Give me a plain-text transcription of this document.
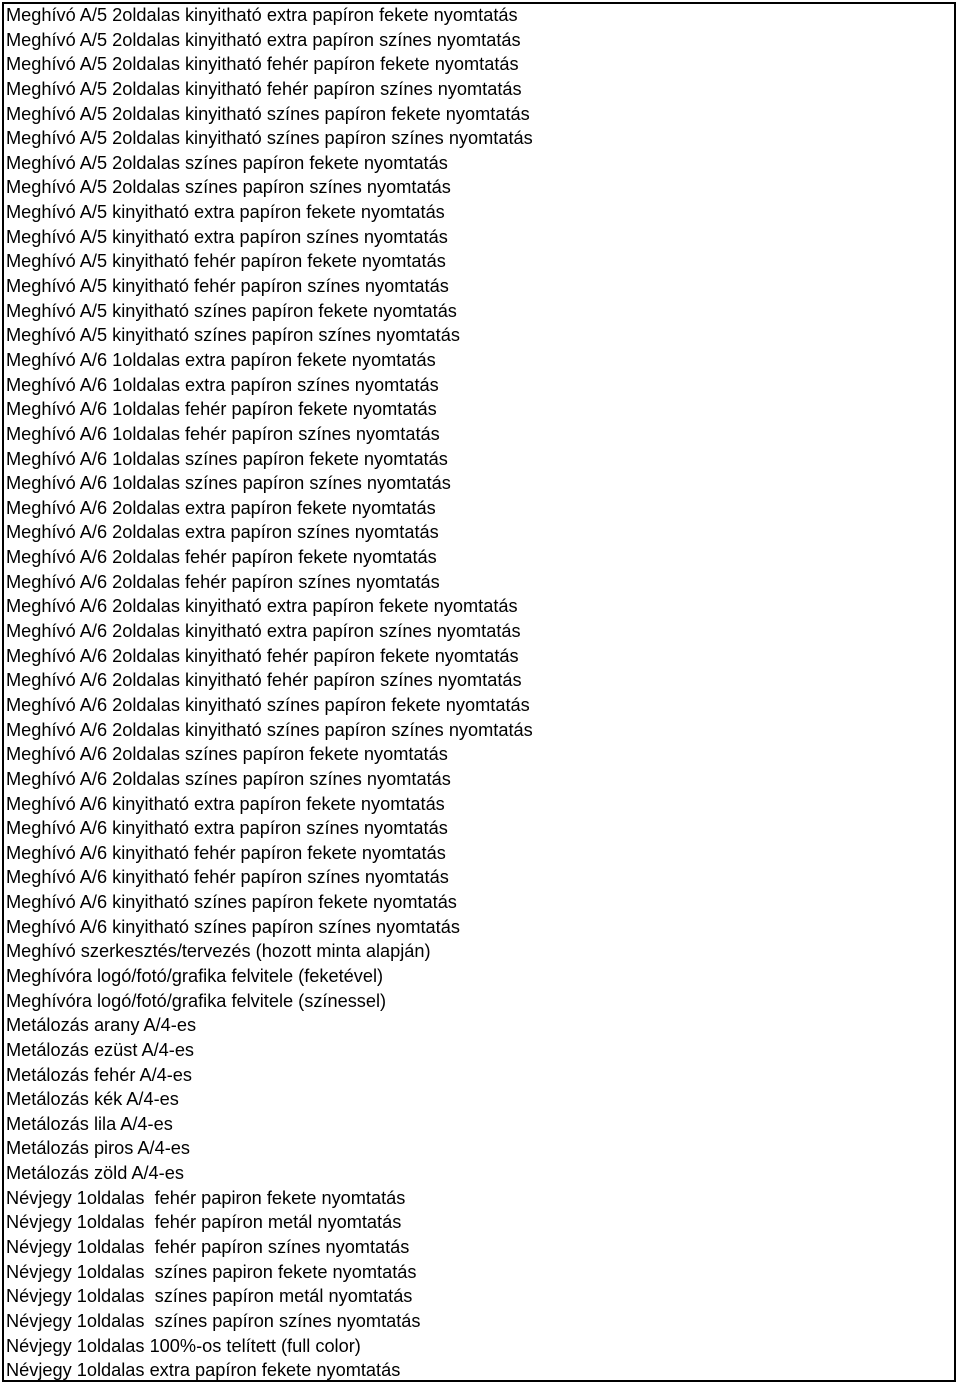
Meghívó A/5 2oldalas kinyitható extra papíron fekete nyomtatás
Meghívó A/5 2oldalas kinyitható extra papíron színes nyomtatás
Meghívó A/5 2oldalas kinyitható fehér papíron fekete nyomtatás
Meghívó A/5 2oldalas kinyitható fehér papíron színes nyomtatás
Meghívó A/5 2oldalas kinyitható színes papíron fekete nyomtatás
Meghívó A/5 2oldalas kinyitható színes papíron színes nyomtatás
Meghívó A/5 2oldalas színes papíron fekete nyomtatás
Meghívó A/5 2oldalas színes papíron színes nyomtatás
Meghívó A/5 kinyitható extra papíron fekete nyomtatás
Meghívó A/5 kinyitható extra papíron színes nyomtatás
Meghívó A/5 kinyitható fehér papíron fekete nyomtatás
Meghívó A/5 kinyitható fehér papíron színes nyomtatás
Meghívó A/5 kinyitható színes papíron fekete nyomtatás
Meghívó A/5 kinyitható színes papíron színes nyomtatás
Meghívó A/6 1oldalas extra papíron fekete nyomtatás
Meghívó A/6 1oldalas extra papíron színes nyomtatás
Meghívó A/6 1oldalas fehér papíron fekete nyomtatás
Meghívó A/6 1oldalas fehér papíron színes nyomtatás
Meghívó A/6 1oldalas színes papíron fekete nyomtatás
Meghívó A/6 1oldalas színes papíron színes nyomtatás
Meghívó A/6 2oldalas extra papíron fekete nyomtatás
Meghívó A/6 2oldalas extra papíron színes nyomtatás
Meghívó A/6 2oldalas fehér papíron fekete nyomtatás
Meghívó A/6 2oldalas fehér papíron színes nyomtatás
Meghívó A/6 2oldalas kinyitható extra papíron fekete nyomtatás
Meghívó A/6 2oldalas kinyitható extra papíron színes nyomtatás
Meghívó A/6 2oldalas kinyitható fehér papíron fekete nyomtatás
Meghívó A/6 2oldalas kinyitható fehér papíron színes nyomtatás
Meghívó A/6 2oldalas kinyitható színes papíron fekete nyomtatás
Meghívó A/6 2oldalas kinyitható színes papíron színes nyomtatás
Meghívó A/6 2oldalas színes papíron fekete nyomtatás
Meghívó A/6 2oldalas színes papíron színes nyomtatás
Meghívó A/6 kinyitható extra papíron fekete nyomtatás
Meghívó A/6 kinyitható extra papíron színes nyomtatás
Meghívó A/6 kinyitható fehér papíron fekete nyomtatás
Meghívó A/6 kinyitható fehér papíron színes nyomtatás
Meghívó A/6 kinyitható színes papíron fekete nyomtatás
Meghívó A/6 kinyitható színes papíron színes nyomtatás
Meghívó szerkesztés/tervezés (hozott minta alapján)
Meghívóra logó/fotó/grafika felvitele (feketével)
Meghívóra logó/fotó/grafika felvitele (színessel)
Metálozás arany A/4-es
Metálozás ezüst A/4-es
Metálozás fehér A/4-es
Metálozás kék A/4-es
Metálozás lila A/4-es
Metálozás piros A/4-es
Metálozás zöld A/4-es
Névjegy 1oldalas  fehér papiron fekete nyomtatás
Névjegy 1oldalas  fehér papíron metál nyomtatás
Névjegy 1oldalas  fehér papíron színes nyomtatás
Névjegy 1oldalas  színes papiron fekete nyomtatás
Névjegy 1oldalas  színes papíron metál nyomtatás
Névjegy 1oldalas  színes papíron színes nyomtatás
Névjegy 1oldalas 100%-os telített (full color)
Névjegy 1oldalas extra papíron fekete nyomtatás
